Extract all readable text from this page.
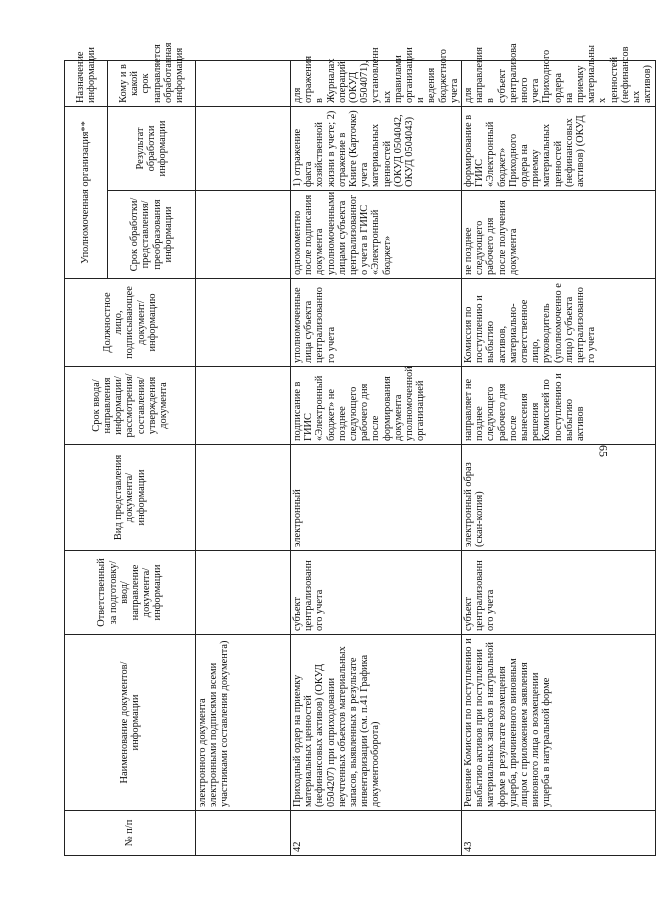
65
№ п/п	Наименование документов/информации	Ответственный за подготовку/ ввод/ направление документа/ информации	Вид представления документа/ информации	Срок ввода/ направления информации/ рассмотрения/ составления/ утверждения документа	Должностное лицо, подписывающее документ/ информацию	Уполномоченная организация**		Назначение информации
						Срок обработки/ представления/ преобразования информации	Результат обработки информации	Кому и в какой срок направляется обработанная информация
	электронного документа электронными подписями всеми участниками составления документа)							
42	Приходный ордер на приемку материальных ценностей (нефинансовых активов) (ОКУД 0504207) при оприходовании неучтенных объектов материальных запасов, выявленных в результате инвентаризации (см. п.41 Графика документооборота)	субъект централизованн ого учета	электронный	подписание в ГИИС «Электронный бюджет» не позднее следующего рабочего дня после формирования документа уполномоченной организацией	уполномоченные лица субъекта централизованно го учета	одномоментно после подписания документа уполномоченными лицами субъекта централизованног о учета в ГИИС «Электронный бюджет»	1) отражение факта хозяйственной жизни в учете; 2) отражение в Книге (Карточке) учета материальных ценностей (ОКУД 0504042, ОКУД 0504043)	для отражения в Журналах операций (ОКУД 0504071), установленн ых правилами организации и ведения бюджетного учета
43	Решение Комиссии по поступлению и выбытию активов при поступлении материальных запасов в натуральной форме в результате возмещения ущерба, причиненного виновным лицом с приложением заявления виновного лица о возмещении ущерба в натуральной форме	субъект централизованн ого учета	электронный образ (скан-копия)	направляет не позднее следующего рабочего дня после вынесения решения Комиссией по поступлению и выбытию активов	Комиссия по поступлению и выбытию активов, материально-ответственное лицо, руководитель (уполномоченно е лицо) субъекта централизованно го учета	не позднее следующего рабочего дня после получения документа	формирование в ГИИС «Электронный бюджет» Приходного ордера на приемку материальных ценностей (нефинансовых активов) (ОКУД	для направления в субъект централизова нного учета Приходного ордера на приемку материальны х ценностей (нефинансов ых активов)
